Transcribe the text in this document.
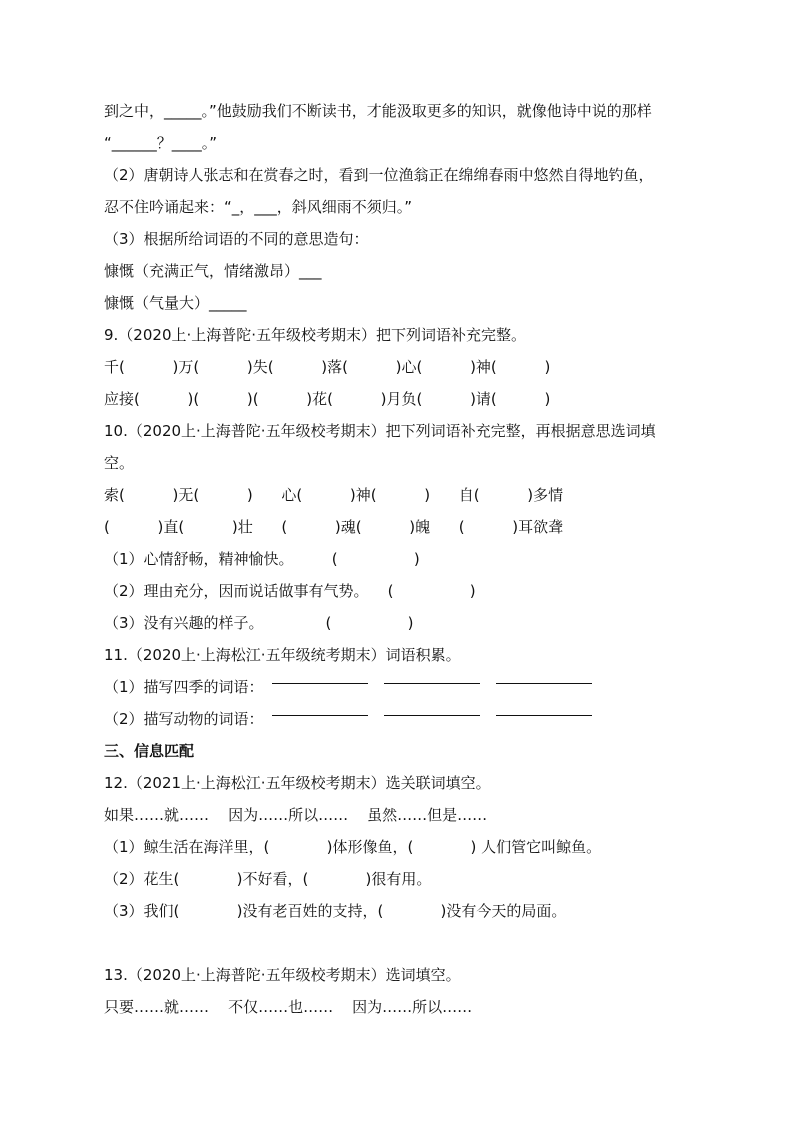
到之中，_____。”他鼓励我们不断读书，才能汲取更多的知识，就像他诗中说的那样
“______？____。”
（2）唐朝诗人张志和在赏春之时，看到一位渔翁正在绵绵春雨中悠然自得地钓鱼，
忍不住吟诵起来：“_，___，斜风细雨不须归。”
（3）根据所给词语的不同的意思造句：
慷慨（充满正气，情绪激昂）___
慷慨（气量大）_____
9.（2020上·上海普陀·五年级校考期末）把下列词语补充完整。
千(          )万(          )失(          )落(          )心(          )神(          )
应接(          )(          )(          )花(          )月负(          )请(          )
10.（2020上·上海普陀·五年级校考期末）把下列词语补充完整，再根据意思选词填
空。
索(          )无(          )      心(          )神(          )      自(          )多情
(          )直(          )壮      (          )魂(          )魄      (          )耳欲聋
（1）心情舒畅，精神愉快。        (                )
（2）理由充分，因而说话做事有气势。    (                )
（3）没有兴趣的样子。             (                )
11.（2020上·上海松江·五年级统考期末）词语积累。
（1）描写四季的词语：
（2）描写动物的词语：
三、信息匹配
12.（2021上·上海松江·五年级校考期末）选关联词填空。
如果……就……    因为……所以……    虽然……但是……
（1）鲸生活在海洋里，(            )体形像鱼，(            ) 人们管它叫鲸鱼。
（2）花生(            )不好看，(            )很有用。
（3）我们(            )没有老百姓的支持，(            )没有今天的局面。
13.（2020上·上海普陀·五年级校考期末）选词填空。
只要……就……    不仅……也……    因为……所以……
